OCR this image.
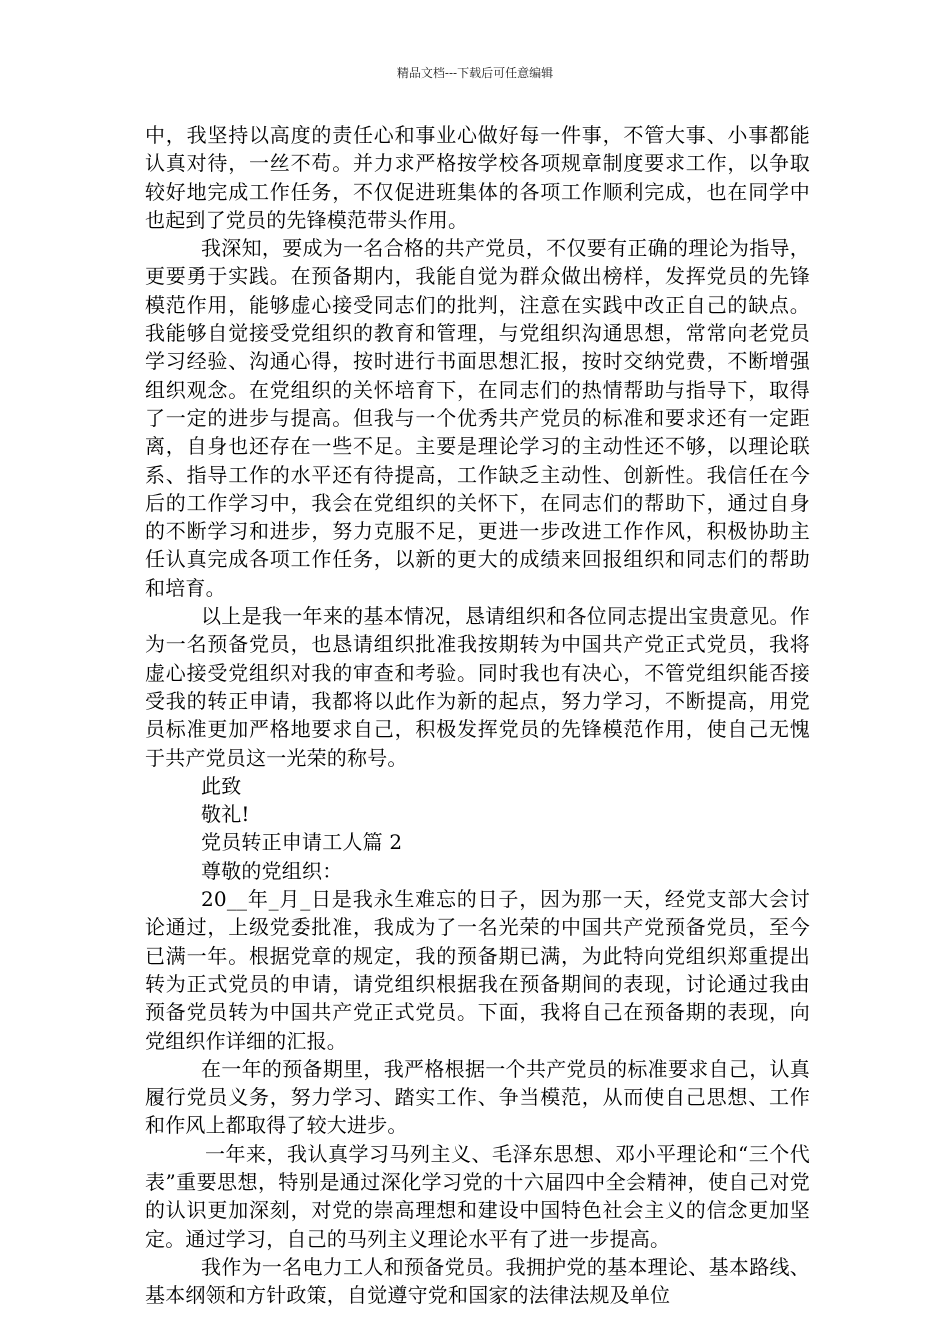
精品文档---下载后可任意编辑

中，我坚持以高度的责任心和事业心做好每一件事，不管大事、小事都能认真对待，一丝不苟。并力求严格按学校各项规章制度要求工作，以争取较好地完成工作任务，不仅促进班集体的各项工作顺利完成，也在同学中也起到了党员的先锋模范带头作用。

我深知，要成为一名合格的共产党员，不仅要有正确的理论为指导，更要勇于实践。在预备期内，我能自觉为群众做出榜样，发挥党员的先锋模范作用，能够虚心接受同志们的批判，注意在实践中改正自己的缺点。我能够自觉接受党组织的教育和管理，与党组织沟通思想，常常向老党员学习经验、沟通心得，按时进行书面思想汇报，按时交纳党费，不断增强组织观念。在党组织的关怀培育下，在同志们的热情帮助与指导下，取得了一定的进步与提高。但我与一个优秀共产党员的标准和要求还有一定距离，自身也还存在一些不足。主要是理论学习的主动性还不够，以理论联系、指导工作的水平还有待提高，工作缺乏主动性、创新性。我信任在今后的工作学习中，我会在党组织的关怀下，在同志们的帮助下，通过自身的不断学习和进步，努力克服不足，更进一步改进工作作风，积极协助主任认真完成各项工作任务，以新的更大的成绩来回报组织和同志们的帮助和培育。

以上是我一年来的基本情况，恳请组织和各位同志提出宝贵意见。作为一名预备党员，也恳请组织批准我按期转为中国共产党正式党员，我将虚心接受党组织对我的审查和考验。同时我也有决心，不管党组织能否接受我的转正申请，我都将以此作为新的起点，努力学习，不断提高，用党员标准更加严格地要求自己，积极发挥党员的先锋模范作用，使自己无愧于共产党员这一光荣的称号。

此致

敬礼!

党员转正申请工人篇 2

尊敬的党组织：

20__年_月_日是我永生难忘的日子，因为那一天，经党支部大会讨论通过，上级党委批准，我成为了一名光荣的中国共产党预备党员，至今已满一年。根据党章的规定，我的预备期已满，为此特向党组织郑重提出转为正式党员的申请，请党组织根据我在预备期间的表现，讨论通过我由预备党员转为中国共产党正式党员。下面，我将自己在预备期的表现，向党组织作详细的汇报。

在一年的预备期里，我严格根据一个共产党员的标准要求自己，认真履行党员义务，努力学习、踏实工作、争当模范，从而使自己思想、工作和作风上都取得了较大进步。

一年来，我认真学习马列主义、毛泽东思想、邓小平理论和“三个代表”重要思想，特别是通过深化学习党的十六届四中全会精神，使自己对党的认识更加深刻，对党的崇高理想和建设中国特色社会主义的信念更加坚定。通过学习，自己的马列主义理论水平有了进一步提高。

我作为一名电力工人和预备党员。我拥护党的基本理论、基本路线、基本纲领和方针政策，自觉遵守党和国家的法律法规及单位
